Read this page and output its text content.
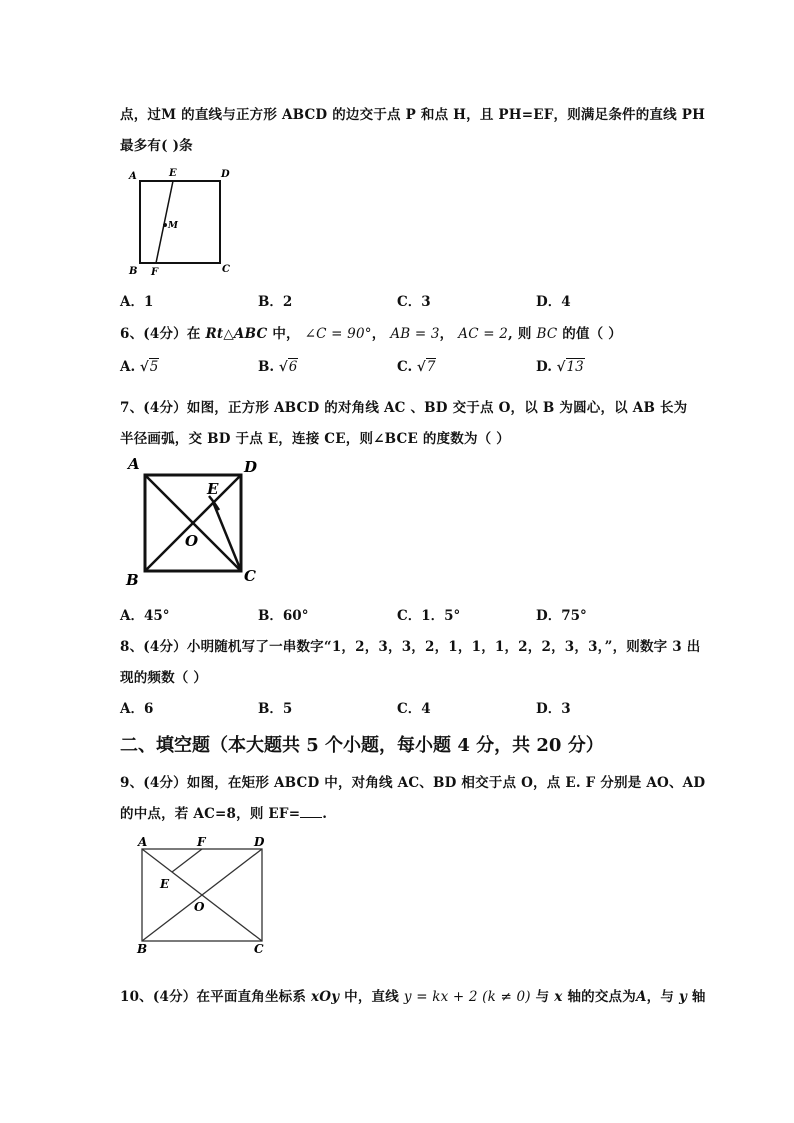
点，过M 的直线与正方形 ABCD 的边交于点 P 和点 H，且 PH=EF，则满足条件的直线 PH
最多有( )条
A	E	D
M
B F	C
A．1	B．2	C．3	D．4
6、(4分）在 Rt△ABC 中， ∠C = 90°， AB = 3， AC = 2, 则 BC 的值（ ）
A. √5	B. √6	C. √7	D. √13
7、(4分）如图，正方形 ABCD 的对角线 AC 、BD 交于点 O，以 B 为圆心，以 AB 长为
半径画弧，交 BD 于点 E，连接 CE，则∠BCE 的度数为（ ）
A	D
E
O
B	C
A．45°	B．60°	C．1．5°	D．75°
8、(4分）小明随机写了一串数字“1，2，3，3，2，1，1，1，2，2，3，3，”，则数字 3 出
现的频数（ ）
A．6	B．5	C．4	D．3
二、填空题（本大题共 5 个小题，每小题 4 分，共 20 分）
9、(4分）如图，在矩形 ABCD 中，对角线 AC、BD 相交于点 O，点 E. F 分别是 AO、AD
的中点，若 AC=8，则 EF= .
A	F	D
E
O
B	C
10、(4分）在平面直角坐标系 xOy 中，直线 y = kx + 2 (k ≠ 0) 与 x 轴的交点为A，与 y 轴
